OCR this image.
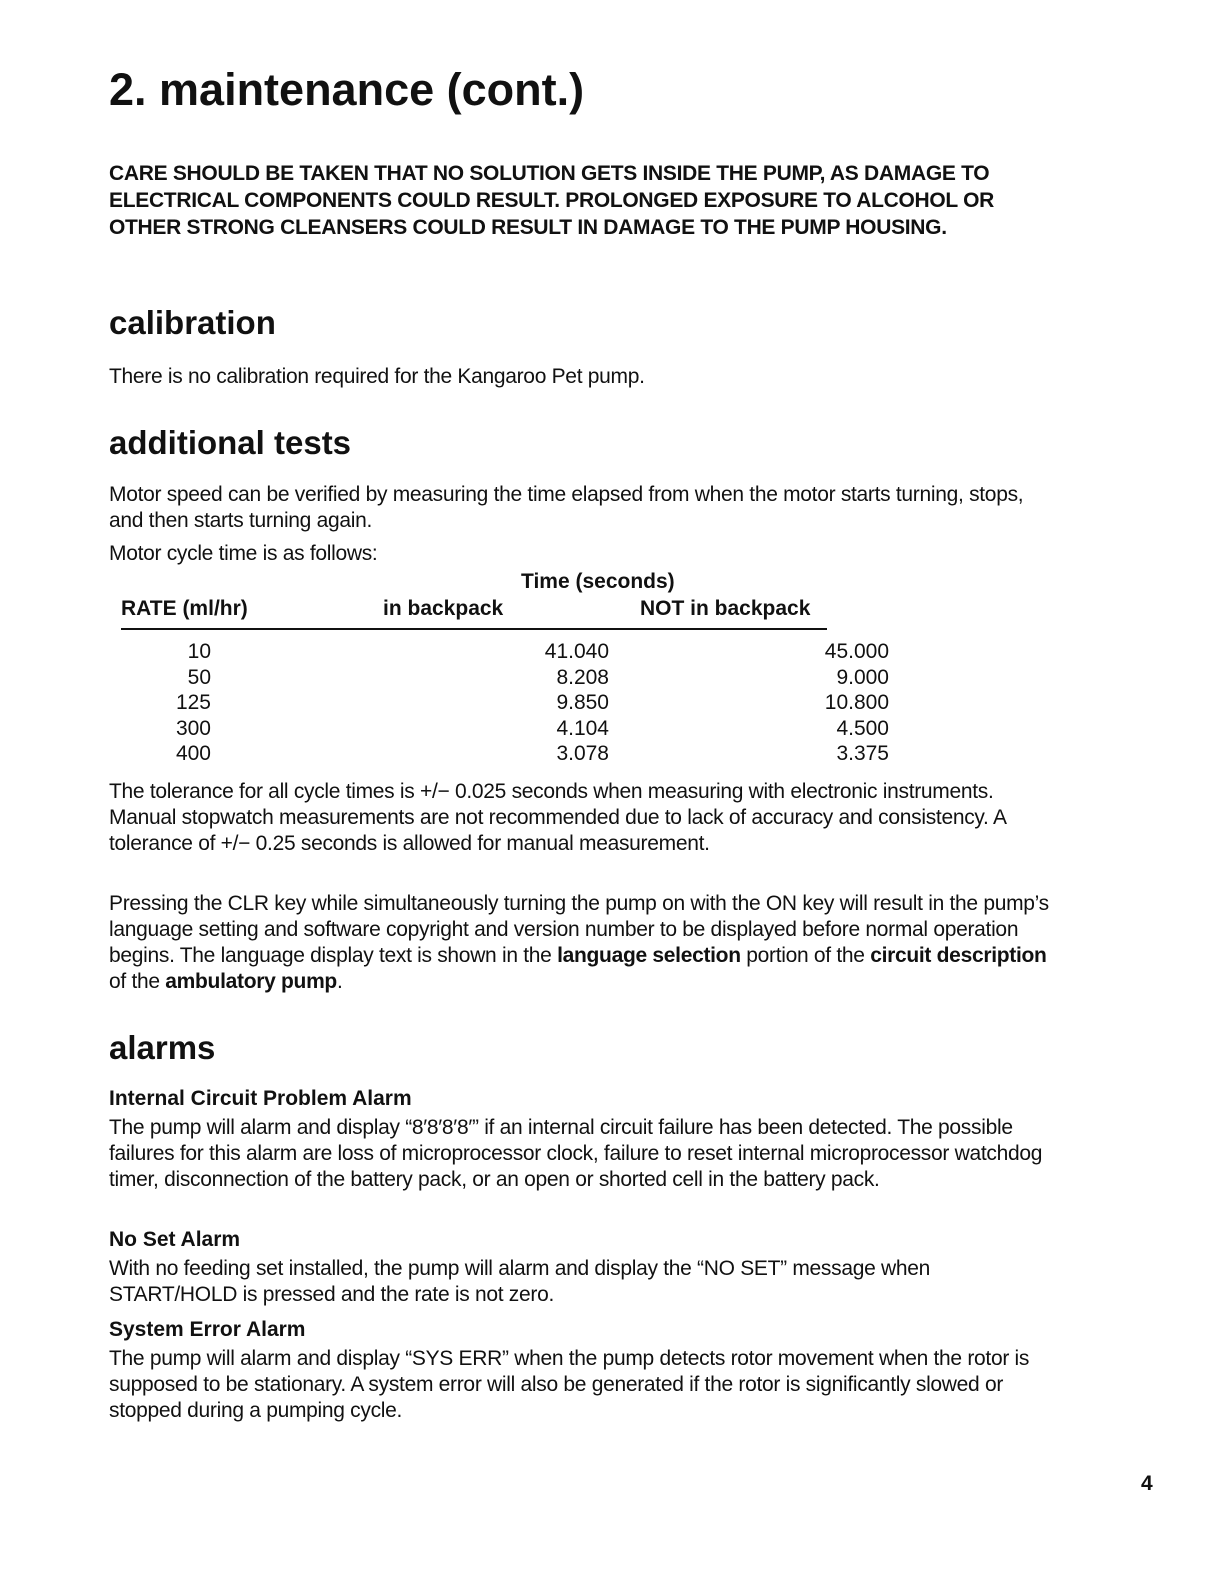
2. maintenance (cont.)

CARE SHOULD BE TAKEN THAT NO SOLUTION GETS INSIDE THE PUMP, AS DAMAGE TO ELECTRICAL COMPONENTS COULD RESULT. PROLONGED EXPOSURE TO ALCOHOL OR OTHER STRONG CLEANSERS COULD RESULT IN DAMAGE TO THE PUMP HOUSING.

calibration

There is no calibration required for the Kangaroo Pet pump.

additional tests

Motor speed can be verified by measuring the time elapsed from when the motor starts turning, stops, and then starts turning again.

Motor cycle time is as follows:

The tolerance for all cycle times is +/− 0.025 seconds when measuring with electronic instruments. Manual stopwatch measurements are not recommended due to lack of accuracy and consistency. A tolerance of +/− 0.25 seconds is allowed for manual measurement.

Pressing the CLR key while simultaneously turning the pump on with the ON key will result in the pump’s language setting and software copyright and version number to be displayed before normal operation begins. The language display text is shown in the language selection portion of the circuit description of the ambulatory pump.

alarms
Internal Circuit Problem Alarm

The pump will alarm and display “8′8′8′8′” if an internal circuit failure has been detected. The possible failures for this alarm are loss of microprocessor clock, failure to reset internal microprocessor watchdog timer, disconnection of the battery pack, or an open or shorted cell in the battery pack.

No Set Alarm

With no feeding set installed, the pump will alarm and display the “NO SET” message when START/HOLD is pressed and the rate is not zero.

System Error Alarm

The pump will alarm and display “SYS ERR” when the pump detects rotor movement when the rotor is supposed to be stationary. A system error will also be generated if the rotor is significantly slowed or stopped during a pumping cycle.

Time (seconds)
RATE (ml/hr)	in backpack	NOT in backpack
10	41.040	45.000
50	8.208	9.000
125	9.850	10.800
300	4.104	4.500
400	3.078	3.375
4
